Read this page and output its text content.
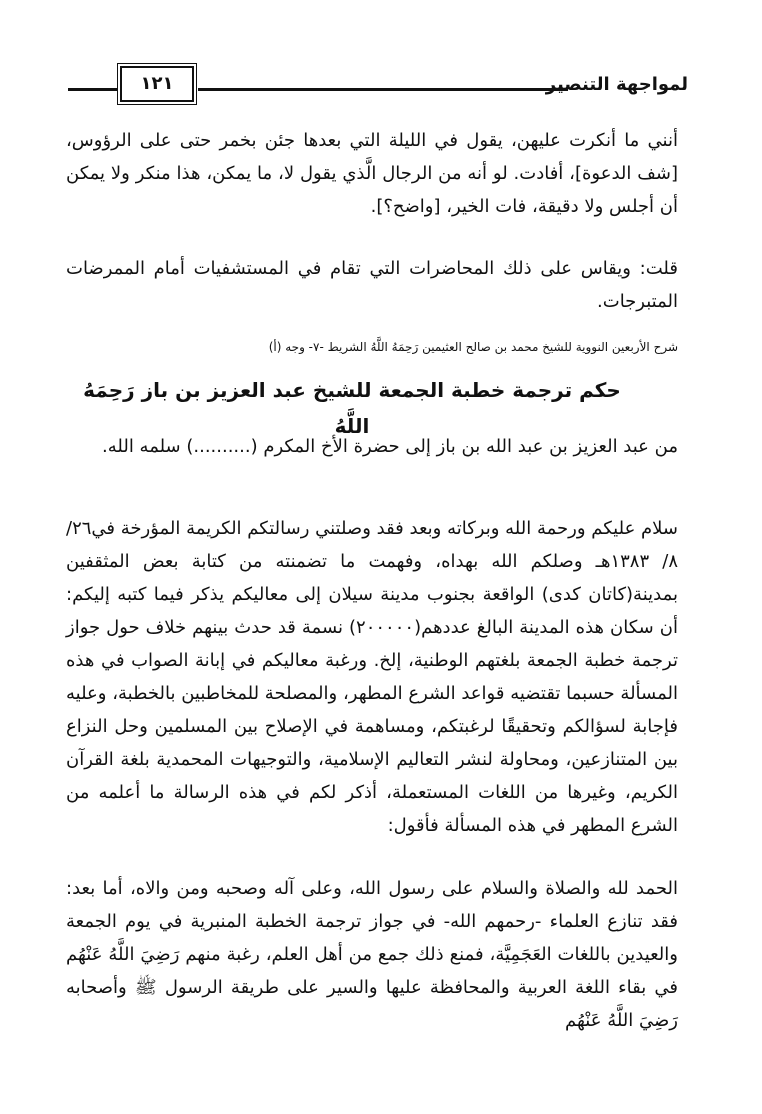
لمواجهة التنصير
١٢١

أنني ما أنكرت عليهن، يقول في الليلة التي بعدها جئن بخمر حتى على الرؤوس، [شف الدعوة]، أفادت. لو أنه من الرجال الَّذي يقول لا، ما يمكن، هذا منكر ولا يمكن أن أجلس ولا دقيقة، فات الخير، [واضح؟].

قلت: ويقاس على ذلك المحاضرات التي تقام في المستشفيات أمام الممرضات المتبرجات.

شرح الأربعين النووية للشيخ محمد بن صالح العثيمين رَحِمَهُ اللَّهُ الشريط -٧- وجه (أ)

حكم ترجمة خطبة الجمعة للشيخ عبد العزيز بن باز رَحِمَهُ اللَّهُ

من عبد العزيز بن عبد الله بن باز إلى حضرة الأخ المكرم (..........) سلمه الله.

سلام عليكم ورحمة الله وبركاته وبعد فقد وصلتني رسالتكم الكريمة المؤرخة في٢٦/ ٨/ ١٣٨٣هـ وصلكم الله بهداه، وفهمت ما تضمنته من كتابة بعض المثقفين بمدينة(كاتان كدى) الواقعة بجنوب مدينة سيلان إلى معاليكم يذكر فيما كتبه إليكم: أن سكان هذه المدينة البالغ عددهم(٢٠٠٠٠٠) نسمة قد حدث بينهم خلاف حول جواز ترجمة خطبة الجمعة بلغتهم الوطنية، إلخ. ورغبة معاليكم في إبانة الصواب في هذه المسألة حسبما تقتضيه قواعد الشرع المطهر، والمصلحة للمخاطبين بالخطبة، وعليه فإجابة لسؤالكم وتحقيقًا لرغبتكم، ومساهمة في الإصلاح بين المسلمين وحل النزاع بين المتنازعين، ومحاولة لنشر التعاليم الإسلامية، والتوجيهات المحمدية بلغة القرآن الكريم، وغيرها من اللغات المستعملة، أذكر لكم في هذه الرسالة ما أعلمه من الشرع المطهر في هذه المسألة فأقول:

الحمد لله والصلاة والسلام على رسول الله، وعلى آله وصحبه ومن والاه، أما بعد: فقد تنازع العلماء -رحمهم الله- في جواز ترجمة الخطبة المنبرية في يوم الجمعة والعيدين باللغات العَجَمِيَّة، فمنع ذلك جمع من أهل العلم، رغبة منهم رَضِيَ اللَّهُ عَنْهُم في بقاء اللغة العربية والمحافظة عليها والسير على طريقة الرسول ﷺ وأصحابه رَضِيَ اللَّهُ عَنْهُم
